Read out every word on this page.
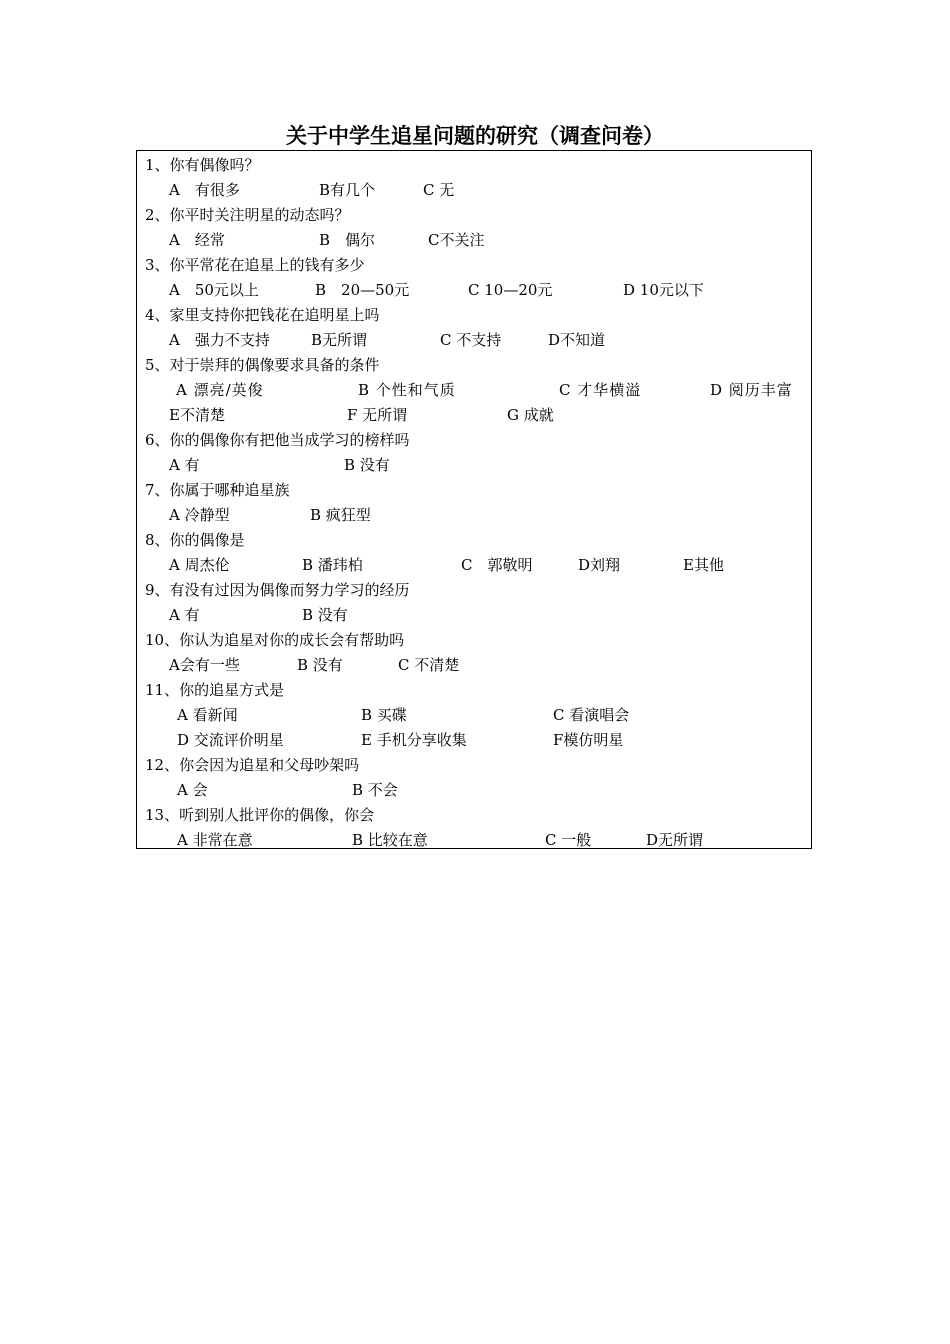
关于中学生追星问题的研究（调查问卷）
1、你有偶像吗？
A　有很多	B有几个	C 无
2、你平时关注明星的动态吗？
A　经常	B　偶尔	C不关注
3、你平常花在追星上的钱有多少
A　50元以上	B　20—50元	C 10—20元	D 10元以下
4、家里支持你把钱花在追明星上吗
A　强力不支持	B无所谓	C 不支持	D不知道
5、对于崇拜的偶像要求具备的条件
A 漂亮/英俊	B 个性和气质	C 才华横溢	D 阅历丰富
E不清楚	F 无所谓	G 成就
6、你的偶像你有把他当成学习的榜样吗
A 有	B 没有
7、你属于哪种追星族
A 冷静型	B 疯狂型
8、你的偶像是
A 周杰伦	B 潘玮柏	C　郭敬明	D刘翔	E其他
9、有没有过因为偶像而努力学习的经历
A 有	B 没有
10、你认为追星对你的成长会有帮助吗
A会有一些	B 没有	C 不清楚
11、你的追星方式是
A 看新闻	B 买碟	C 看演唱会
D 交流评价明星	E 手机分享收集	F模仿明星
12、你会因为追星和父母吵架吗
A 会	B 不会
13、听到别人批评你的偶像，你会
A 非常在意	B 比较在意	C 一般	D无所谓
